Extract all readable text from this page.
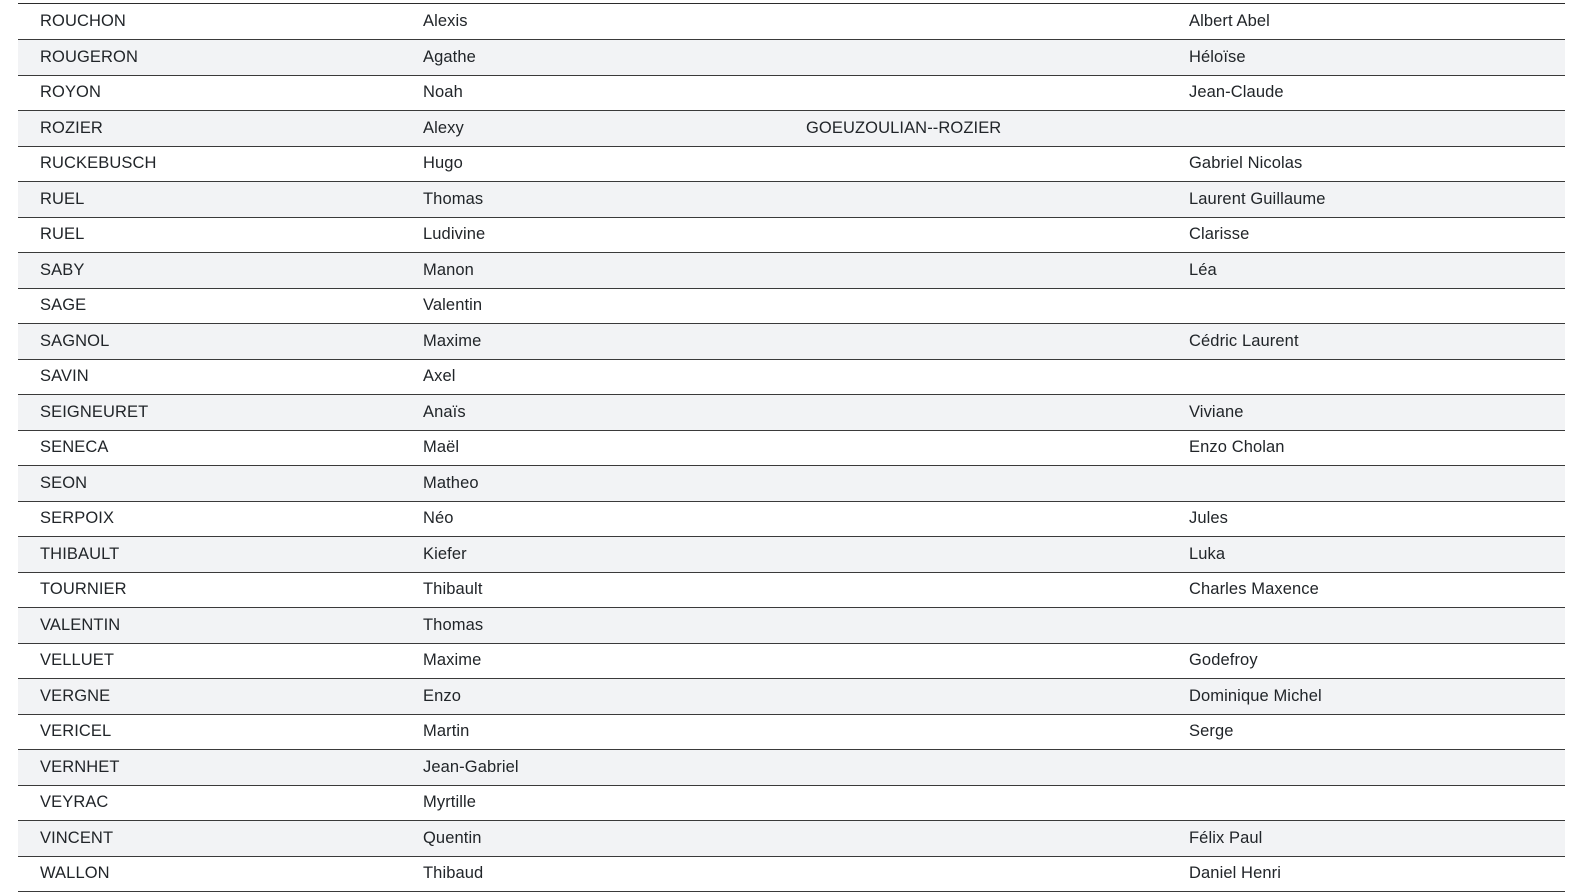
ROUCHON	Alexis		Albert Abel
ROUGERON	Agathe		Héloïse
ROYON	Noah		Jean-Claude
ROZIER	Alexy	GOEUZOULIAN--ROZIER	
RUCKEBUSCH	Hugo		Gabriel Nicolas
RUEL	Thomas		Laurent Guillaume
RUEL	Ludivine		Clarisse
SABY	Manon		Léa
SAGE	Valentin		
SAGNOL	Maxime		Cédric Laurent
SAVIN	Axel		
SEIGNEURET	Anaïs		Viviane
SENECA	Maël		Enzo Cholan
SEON	Matheo		
SERPOIX	Néo		Jules
THIBAULT	Kiefer		Luka
TOURNIER	Thibault		Charles Maxence
VALENTIN	Thomas		
VELLUET	Maxime		Godefroy
VERGNE	Enzo		Dominique Michel
VERICEL	Martin		Serge
VERNHET	Jean-Gabriel		
VEYRAC	Myrtille		
VINCENT	Quentin		Félix Paul
WALLON	Thibaud		Daniel Henri
